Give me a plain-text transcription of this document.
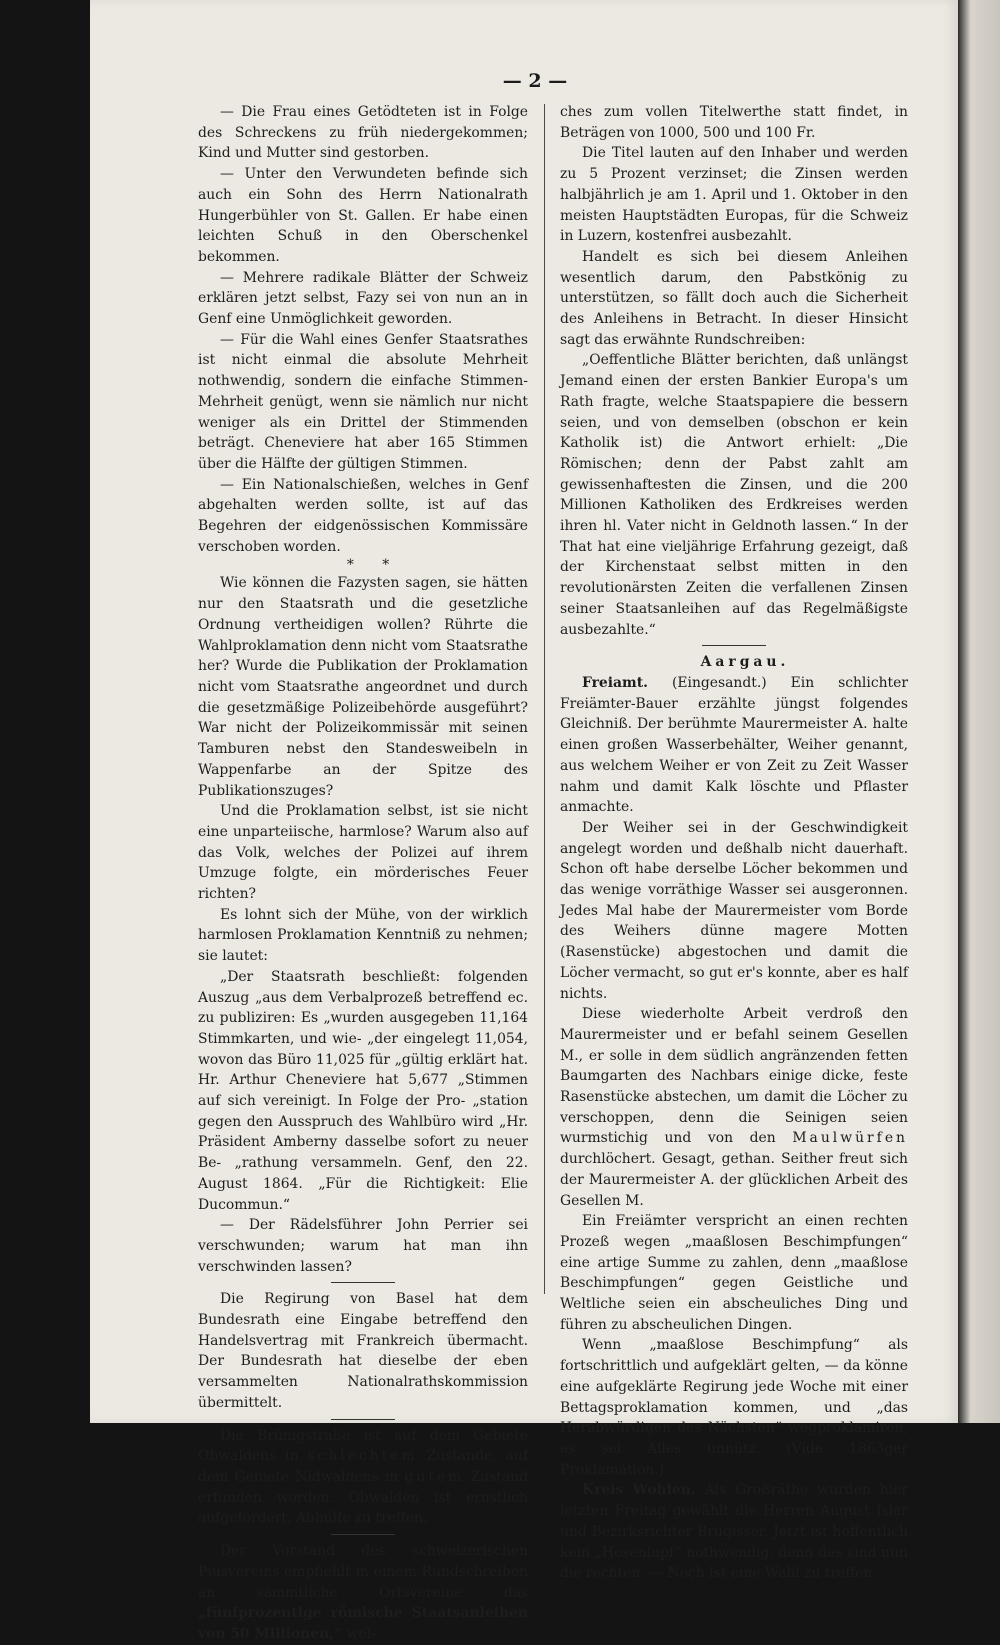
— 2 —

— Die Frau eines Getödteten ist in Folge des Schreckens zu früh niedergekommen; Kind und Mutter sind gestorben.

— Unter den Verwundeten befinde sich auch ein Sohn des Herrn Nationalrath Hungerbühler von St. Gallen. Er habe einen leichten Schuß in den Oberschenkel bekommen.

— Mehrere radikale Blätter der Schweiz erklären jetzt selbst, Fazy sei von nun an in Genf eine Unmöglichkeit geworden.

— Für die Wahl eines Genfer Staatsrathes ist nicht einmal die absolute Mehrheit nothwendig, sondern die einfache Stimmen-Mehrheit genügt, wenn sie nämlich nur nicht weniger als ein Drittel der Stimmenden beträgt. Cheneviere hat aber 165 Stimmen über die Hälfte der gültigen Stimmen.

— Ein Nationalschießen, welches in Genf abgehalten werden sollte, ist auf das Begehren der eidgenössischen Kommissäre verschoben worden.

* *

Wie können die Fazysten sagen, sie hätten nur den Staatsrath und die gesetzliche Ordnung vertheidigen wollen? Rührte die Wahlproklamation denn nicht vom Staatsrathe her? Wurde die Publikation der Proklamation nicht vom Staatsrathe angeordnet und durch die gesetzmäßige Polizeibehörde ausgeführt? War nicht der Polizeikommissär mit seinen Tamburen nebst den Standesweibeln in Wappenfarbe an der Spitze des Publikationszuges?

Und die Proklamation selbst, ist sie nicht eine unparteiische, harmlose? Warum also auf das Volk, welches der Polizei auf ihrem Umzuge folgte, ein mörderisches Feuer richten?

Es lohnt sich der Mühe, von der wirklich harmlosen Proklamation Kenntniß zu nehmen; sie lautet:

„Der Staatsrath beschließt: folgenden Auszug „aus dem Verbalprozeß betreffend ec. zu publiziren: Es „wurden ausgegeben 11,164 Stimmkarten, und wie- „der eingelegt 11,054, wovon das Büro 11,025 für „gültig erklärt hat. Hr. Arthur Cheneviere hat 5,677 „Stimmen auf sich vereinigt. In Folge der Pro- „station gegen den Ausspruch des Wahlbüro wird „Hr. Präsident Amberny dasselbe sofort zu neuer Be- „rathung versammeln. Genf, den 22. August 1864. „Für die Richtigkeit: Elie Ducommun.“

— Der Rädelsführer John Perrier sei verschwunden; warum hat man ihn verschwinden lassen?

Die Regirung von Basel hat dem Bundesrath eine Eingabe betreffend den Handelsvertrag mit Frankreich übermacht. Der Bundesrath hat dieselbe der eben versammelten Nationalrathskommission übermittelt.

Die Brünigstraße ist auf dem Gebiete Obwaldens in schlechtem Zustande, auf dem Gebiete Nidwaldens in gutem Zustand erfunden worden. Obwalden ist ernstlich aufgefordert, Abhülfe zu treffen.

Der Vorstand des schweizerischen Piusvereins empfiehlt in einem Rundschreiben an sämmtliche Ortsvereine das „fünfprozentige römische Staatsanleihen von 50 Millionen,“ wel-

ches zum vollen Titelwerthe statt findet, in Beträgen von 1000, 500 und 100 Fr.

Die Titel lauten auf den Inhaber und werden zu 5 Prozent verzinset; die Zinsen werden halbjährlich je am 1. April und 1. Oktober in den meisten Hauptstädten Europas, für die Schweiz in Luzern, kostenfrei ausbezahlt.

Handelt es sich bei diesem Anleihen wesentlich darum, den Pabstkönig zu unterstützen, so fällt doch auch die Sicherheit des Anleihens in Betracht. In dieser Hinsicht sagt das erwähnte Rundschreiben:

„Oeffentliche Blätter berichten, daß unlängst Jemand einen der ersten Bankier Europa's um Rath fragte, welche Staatspapiere die bessern seien, und von demselben (obschon er kein Katholik ist) die Antwort erhielt: „Die Römischen; denn der Pabst zahlt am gewissenhaftesten die Zinsen, und die 200 Millionen Katholiken des Erdkreises werden ihren hl. Vater nicht in Geldnoth lassen.“ In der That hat eine vieljährige Erfahrung gezeigt, daß der Kirchenstaat selbst mitten in den revolutionärsten Zeiten die verfallenen Zinsen seiner Staatsanleihen auf das Regelmäßigste ausbezahlte.“

Aargau.

Freiamt. (Eingesandt.) Ein schlichter Freiämter-Bauer erzählte jüngst folgendes Gleichniß. Der berühmte Maurermeister A. halte einen großen Wasserbehälter, Weiher genannt, aus welchem Weiher er von Zeit zu Zeit Wasser nahm und damit Kalk löschte und Pflaster anmachte.

Der Weiher sei in der Geschwindigkeit angelegt worden und deßhalb nicht dauerhaft. Schon oft habe derselbe Löcher bekommen und das wenige vorräthige Wasser sei ausgeronnen. Jedes Mal habe der Maurermeister vom Borde des Weihers dünne magere Motten (Rasenstücke) abgestochen und damit die Löcher vermacht, so gut er's konnte, aber es half nichts.

Diese wiederholte Arbeit verdroß den Maurermeister und er befahl seinem Gesellen M., er solle in dem südlich angränzenden fetten Baumgarten des Nachbars einige dicke, feste Rasenstücke abstechen, um damit die Löcher zu verschoppen, denn die Seinigen seien wurmstichig und von den Maulwürfen durchlöchert. Gesagt, gethan. Seither freut sich der Maurermeister A. der glücklichen Arbeit des Gesellen M.

Ein Freiämter verspricht an einen rechten Prozeß wegen „maaßlosen Beschimpfungen“ eine artige Summe zu zahlen, denn „maaßlose Beschimpfungen“ gegen Geistliche und Weltliche seien ein abscheuliches Ding und führen zu abscheulichen Dingen.

Wenn „maaßlose Beschimpfung“ als fortschrittlich und aufgeklärt gelten, — da könne eine aufgeklärte Regirung jede Woche mit einer Bettagsproklamation kommen, und „das Herabwürdigen des Nächsten“ wegproklamiren, es sei Alles unnütz. (Vide 1863ger Proklamation.)

Kreis Wohlen. Als Großräthe wurden hier letzten Freitag gewählt die Herren August Isler und Bezirksrichter Brugisser. Jetzt ist hoffentlich kein „Hosenlupf“ nothwendig, denn das sind nun die rechten. — Noch ist eine Wahl zu treffen.
